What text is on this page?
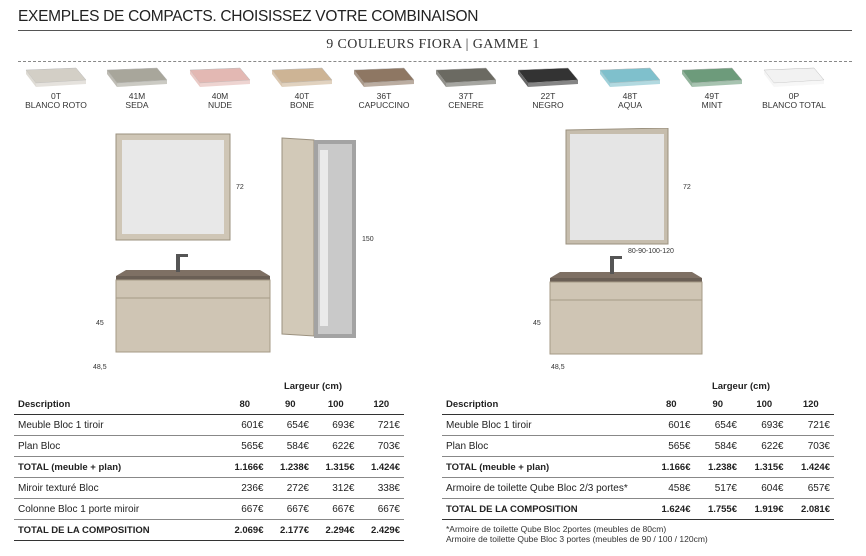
EXEMPLES DE COMPACTS. CHOISISSEZ VOTRE COMBINAISON
9 COULEURS FIORA | GAMME 1
0T
BLANCO ROTO
41M
SEDA
40M
NUDE
40T
BONE
36T
CAPUCCINO
37T
CENERE
22T
NEGRO
48T
AQUA
49T
MINT
0P
BLANCO TOTAL
72
150
45
48,5
72
80-90-100-120
45
48,5
	Largeur (cm)			
Description	80	90	100	120
Meuble Bloc 1 tiroir	601€	654€	693€	721€
Plan Bloc	565€	584€	622€	703€
TOTAL (meuble + plan)	1.166€	1.238€	1.315€	1.424€
Miroir texturé Bloc	236€	272€	312€	338€
Colonne Bloc 1 porte miroir	667€	667€	667€	667€
TOTAL DE LA COMPOSITION	2.069€	2.177€	2.294€	2.429€
	Largeur (cm)			
Description	80	90	100	120
Meuble Bloc 1 tiroir	601€	654€	693€	721€
Plan Bloc	565€	584€	622€	703€
TOTAL (meuble + plan)	1.166€	1.238€	1.315€	1.424€
Armoire de toilette Qube Bloc 2/3 portes*	458€	517€	604€	657€
TOTAL DE LA COMPOSITION	1.624€	1.755€	1.919€	2.081€
*Armoire de toilette Qube Bloc 2portes (meubles de 80cm)
Armoire de toilette Qube Bloc 3 portes (meubles de 90 / 100 / 120cm)
